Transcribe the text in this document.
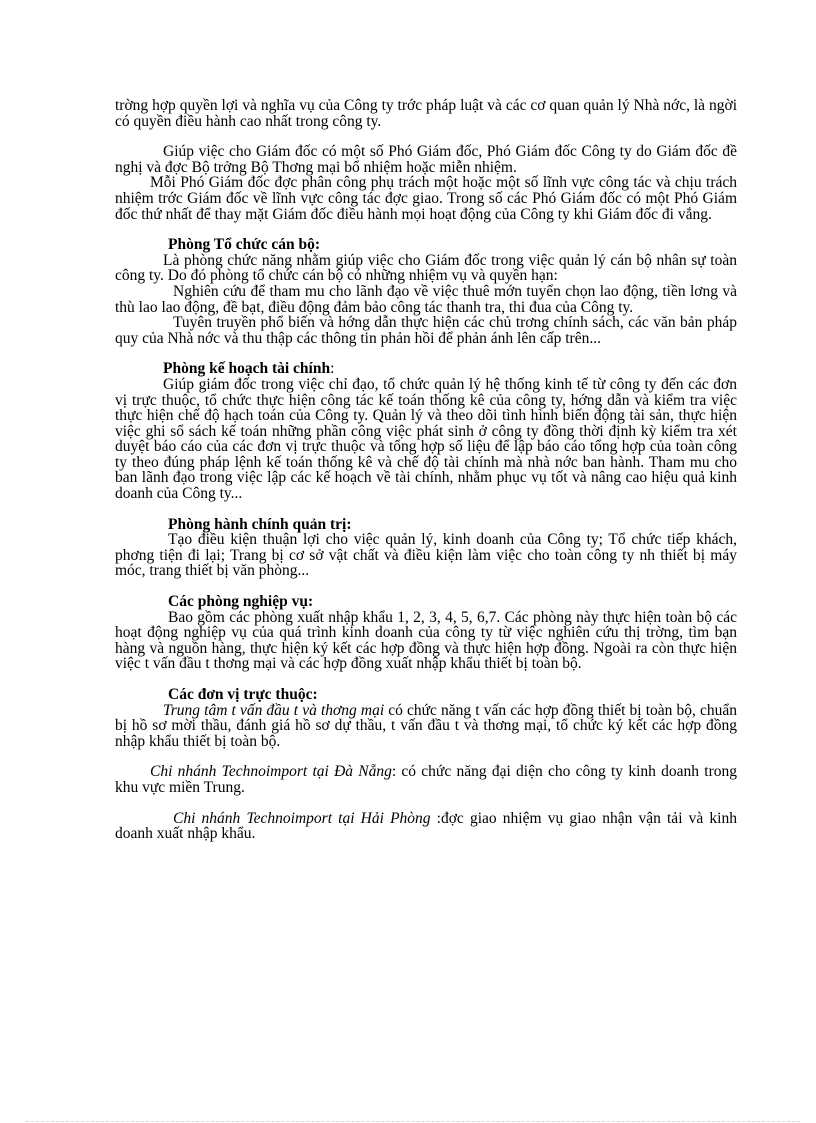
trờng hợp quyền lợi và nghĩa vụ của Công ty trớc pháp luật và các cơ quan quản lý Nhà nớc, là ngời có quyền điều hành cao nhất trong công ty.

Giúp việc cho Giám đốc có một số Phó Giám đốc, Phó Giám đốc Công ty do Giám đốc đề nghị và đợc Bộ trởng Bộ Thơng mại bổ nhiệm hoặc miễn nhiệm.

Mỗi Phó Giám đốc đợc phân công phụ trách một hoặc một số lĩnh vực công tác và chịu trách nhiệm trớc Giám đốc về lĩnh vực công tác đợc giao. Trong số các Phó Giám đốc có một Phó Giám đốc thứ nhất để thay mặt Giám đốc điều hành mọi hoạt động của Công ty khi Giám đốc đi vắng.

Phòng Tổ chức cán bộ:

Là phòng chức năng nhằm giúp việc cho Giám đốc trong việc quản lý cán bộ nhân sự toàn công ty. Do đó phòng tổ chức cán bộ có những nhiệm vụ và quyền hạn:

Nghiên cứu để tham mu cho lãnh đạo về việc thuê mớn tuyển chọn lao động, tiền lơng và thù lao lao động, đề bạt, điều động đảm bảo công tác thanh tra, thi đua của Công ty.

Tuyên truyền phổ biến và hớng dẫn thực hiện các chủ trơng chính sách, các văn bản pháp quy của Nhà nớc và thu thập các thông tin phản hồi để phản ánh lên cấp trên...

Phòng kế hoạch tài chính:

Giúp giám đốc trong việc chỉ đạo, tổ chức quản lý hệ thống kinh tế từ công ty đến các đơn vị trực thuộc, tổ chức thực hiện công tác kế toán thống kê của công ty, hớng dẫn và kiểm tra việc thực hiện chế độ hạch toán của Công ty. Quản lý và theo dõi tình hình biến động tài sản, thực hiện việc ghi sổ sách kế toán những phần công việc phát sinh ở công ty đồng thời định kỳ kiểm tra xét duyệt báo cáo của các đơn vị trực thuộc và tổng hợp số liệu để lập báo cáo tổng hợp của toàn công ty theo đúng pháp lệnh kế toán thống kê và chế độ tài chính mà nhà nớc ban hành. Tham mu cho ban lãnh đạo trong việc lập các kế hoạch về tài chính, nhằm phục vụ tốt và nâng cao hiệu quả kinh doanh của Công ty...

Phòng hành chính quản trị:

Tạo điều kiện thuận lợi cho việc quản lý, kinh doanh của Công ty; Tổ chức tiếp khách, phơng tiện đi lại; Trang bị cơ sở vật chất và điều kiện làm việc cho toàn công ty nh thiết bị máy móc, trang thiết bị văn phòng...

Các phòng nghiệp vụ:

Bao gồm các phòng xuất nhập khẩu 1, 2, 3, 4, 5, 6,7. Các phòng này thực hiện toàn bộ các hoạt động nghiệp vụ của quá trình kinh doanh của công ty từ việc nghiên cứu thị trờng, tìm bạn hàng và nguồn hàng, thực hiện ký kết các hợp đồng và thực hiện hợp đồng. Ngoài ra còn thực hiện việc t vấn đầu t thơng mại và các hợp đồng xuất nhập khẩu thiết bị toàn bộ.

Các đơn vị trực thuộc:

Trung tâm t vấn đầu t và thơng mại có chức năng t vấn các hợp đồng thiết bị toàn bộ, chuẩn bị hồ sơ mời thầu, đánh giá hồ sơ dự thầu, t vấn đầu t và thơng mại, tổ chức ký kết các hợp đồng nhập khẩu thiết bị toàn bộ.

Chi nhánh Technoimport tại Đà Nẵng: có chức năng đại diện cho công ty kinh doanh trong khu vực miền Trung.

Chi nhánh Technoimport tại Hải Phòng :đợc giao nhiệm vụ giao nhận vận tải và kinh doanh xuất nhập khẩu.
